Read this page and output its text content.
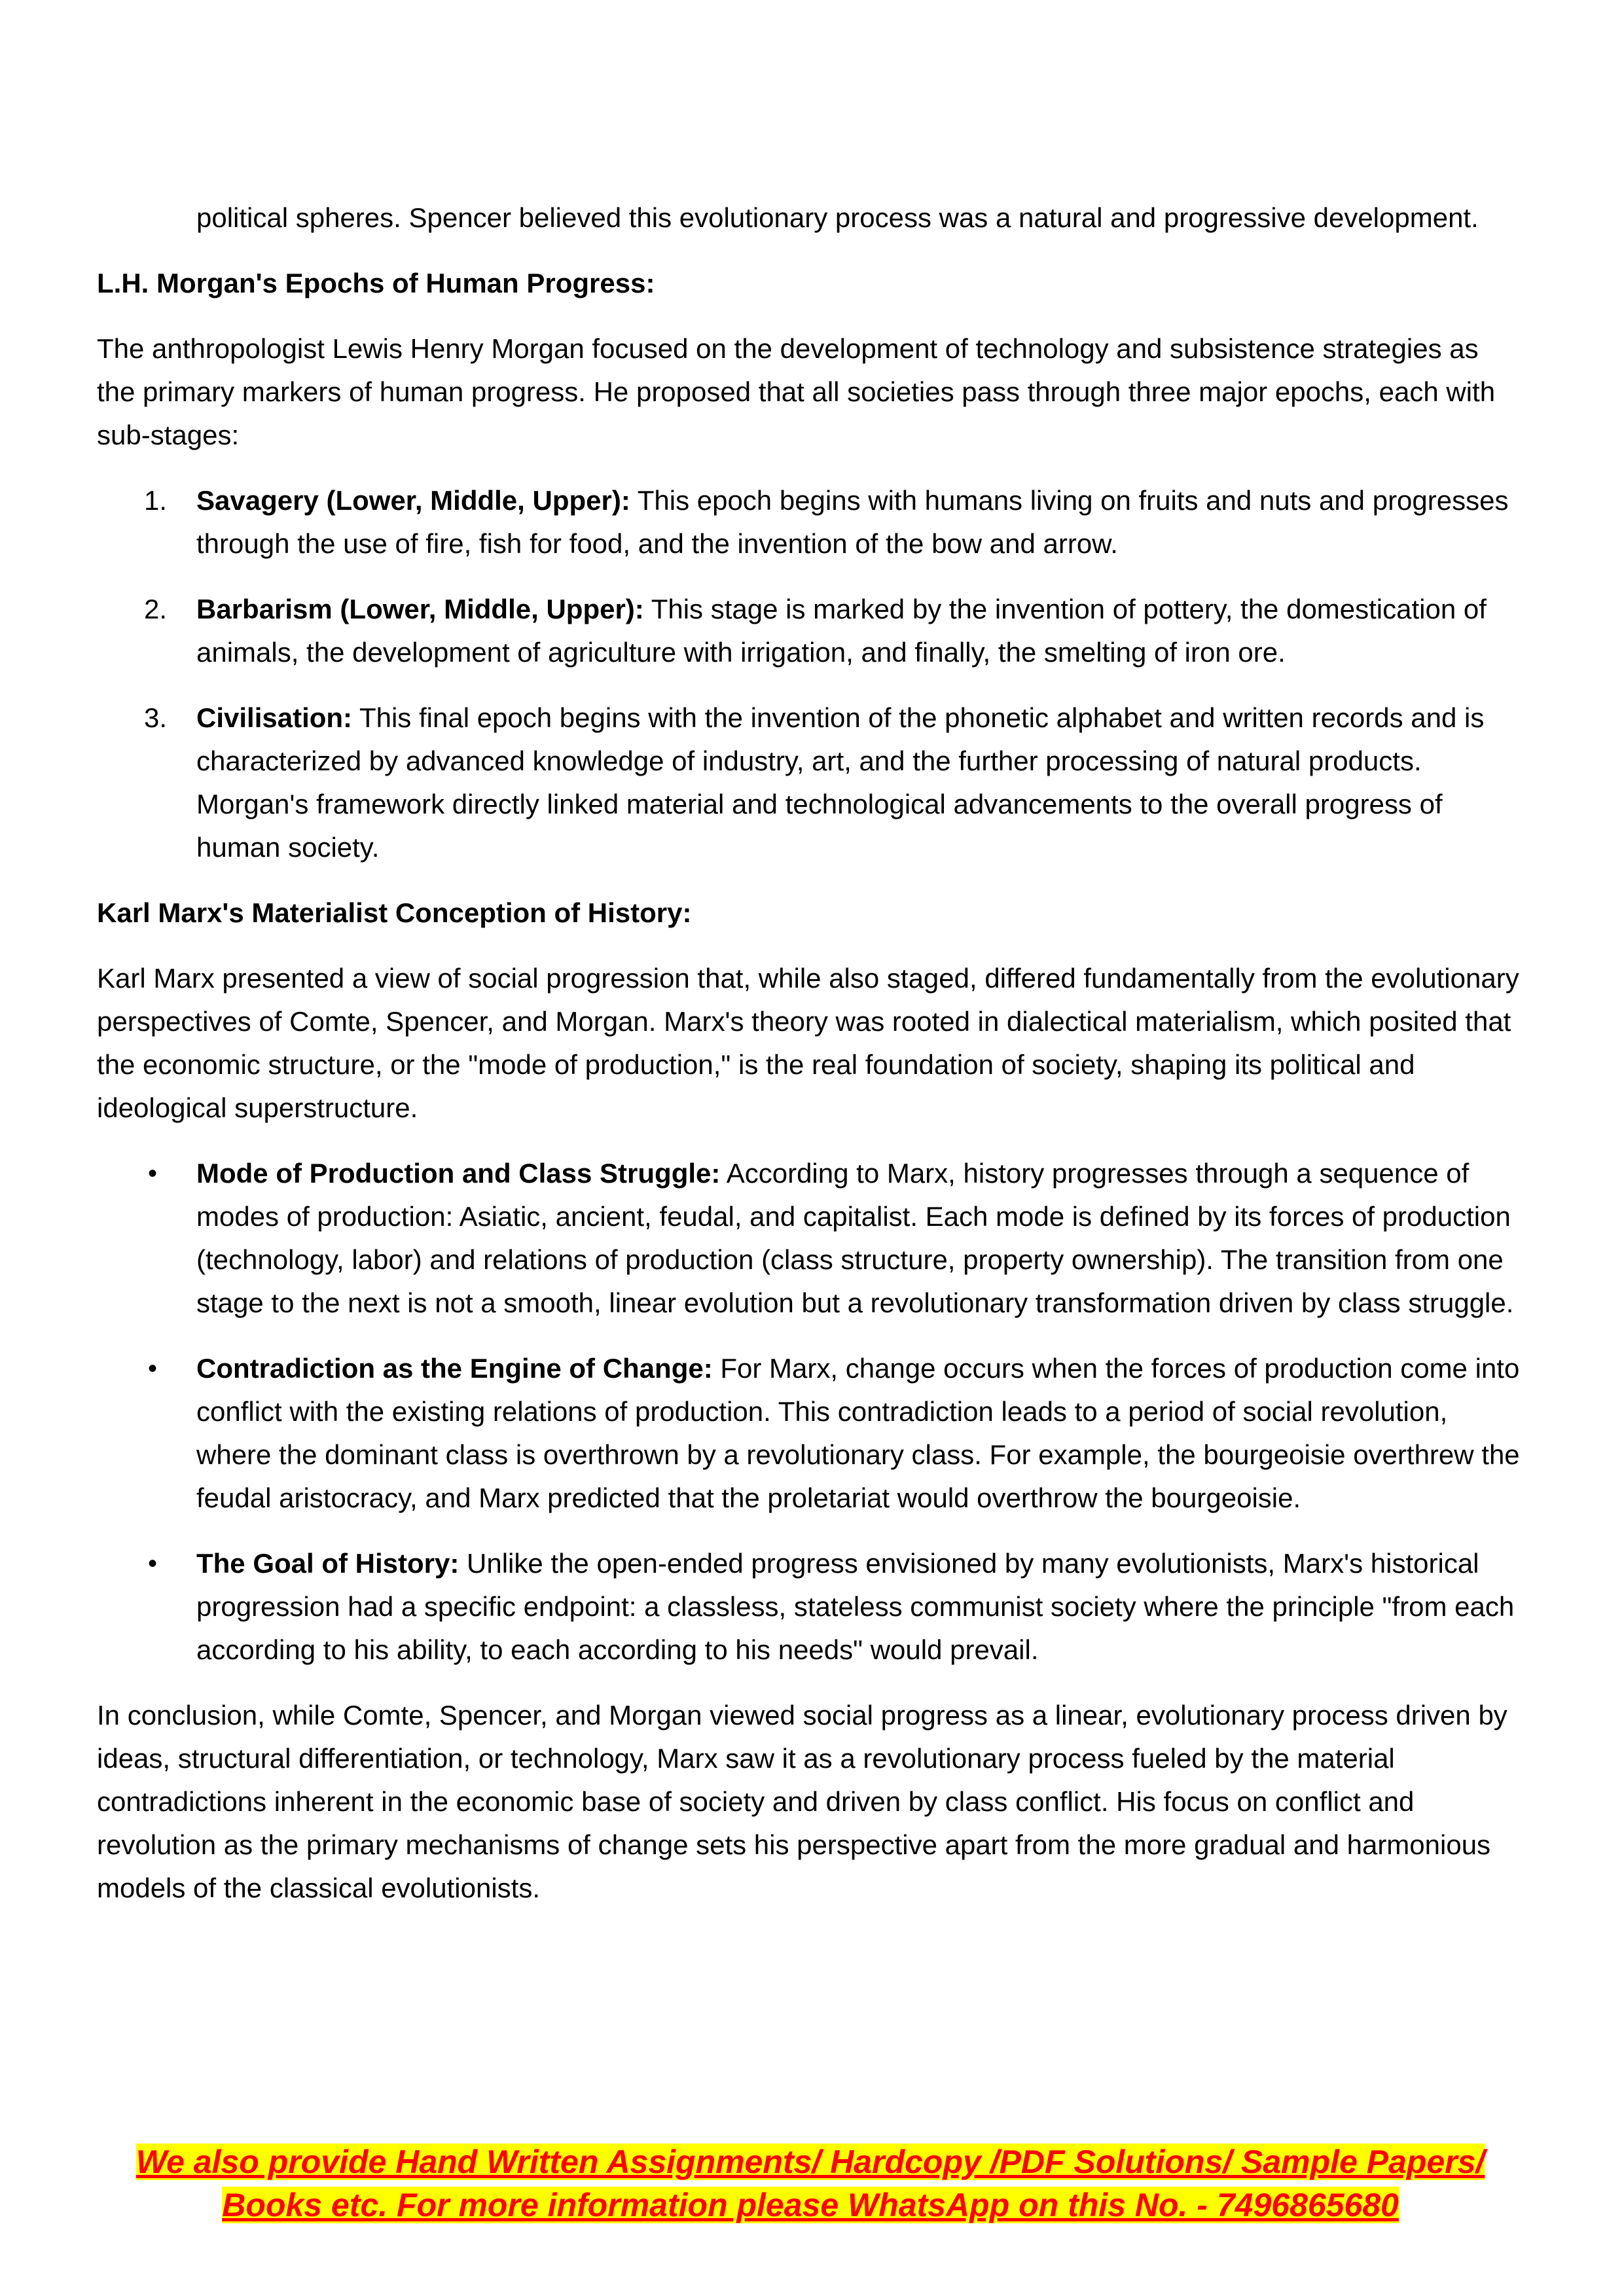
political spheres. Spencer believed this evolutionary process was a natural and progressive development.

L.H. Morgan's Epochs of Human Progress:

The anthropologist Lewis Henry Morgan focused on the development of technology and subsistence strategies as the primary markers of human progress. He proposed that all societies pass through three major epochs, each with sub-stages:

1. Savagery (Lower, Middle, Upper): This epoch begins with humans living on fruits and nuts and progresses through the use of fire, fish for food, and the invention of the bow and arrow.
2. Barbarism (Lower, Middle, Upper): This stage is marked by the invention of pottery, the domestication of animals, the development of agriculture with irrigation, and finally, the smelting of iron ore.
3. Civilisation: This final epoch begins with the invention of the phonetic alphabet and written records and is characterized by advanced knowledge of industry, art, and the further processing of natural products. Morgan's framework directly linked material and technological advancements to the overall progress of human society.

Karl Marx's Materialist Conception of History:

Karl Marx presented a view of social progression that, while also staged, differed fundamentally from the evolutionary perspectives of Comte, Spencer, and Morgan. Marx's theory was rooted in dialectical materialism, which posited that the economic structure, or the "mode of production," is the real foundation of society, shaping its political and ideological superstructure.

• Mode of Production and Class Struggle: According to Marx, history progresses through a sequence of modes of production: Asiatic, ancient, feudal, and capitalist. Each mode is defined by its forces of production (technology, labor) and relations of production (class structure, property ownership). The transition from one stage to the next is not a smooth, linear evolution but a revolutionary transformation driven by class struggle.
• Contradiction as the Engine of Change: For Marx, change occurs when the forces of production come into conflict with the existing relations of production. This contradiction leads to a period of social revolution, where the dominant class is overthrown by a revolutionary class. For example, the bourgeoisie overthrew the feudal aristocracy, and Marx predicted that the proletariat would overthrow the bourgeoisie.
• The Goal of History: Unlike the open-ended progress envisioned by many evolutionists, Marx's historical progression had a specific endpoint: a classless, stateless communist society where the principle "from each according to his ability, to each according to his needs" would prevail.

In conclusion, while Comte, Spencer, and Morgan viewed social progress as a linear, evolutionary process driven by ideas, structural differentiation, or technology, Marx saw it as a revolutionary process fueled by the material contradictions inherent in the economic base of society and driven by class conflict. His focus on conflict and revolution as the primary mechanisms of change sets his perspective apart from the more gradual and harmonious models of the classical evolutionists.

We also provide Hand Written Assignments/ Hardcopy /PDF Solutions/ Sample Papers/
Books etc. For more information please WhatsApp on this No. - 7496865680
